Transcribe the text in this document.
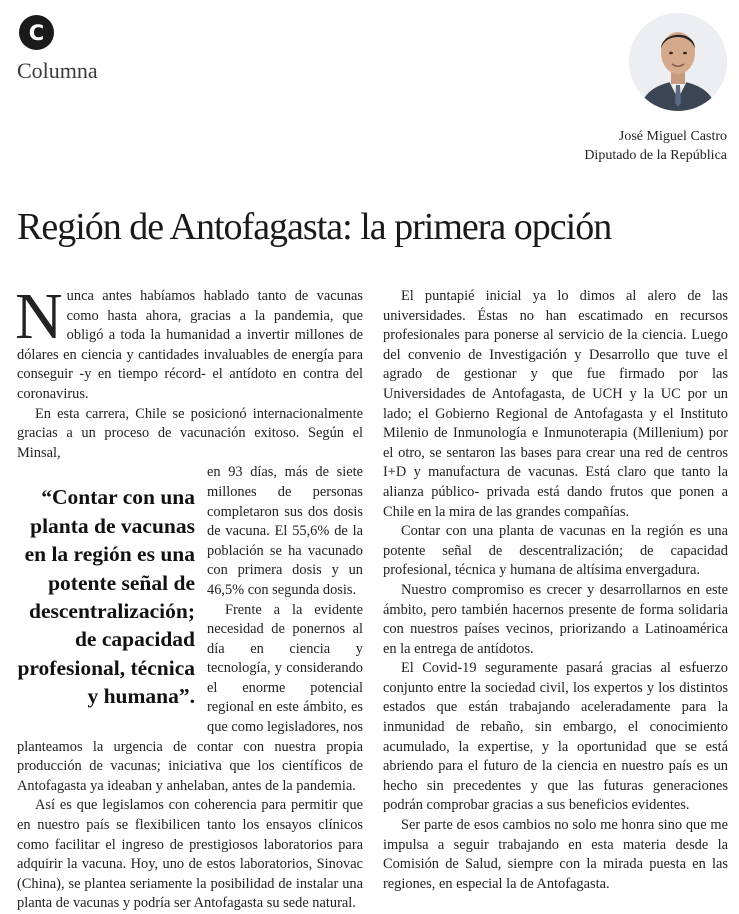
C
Columna
José Miguel Castro
Diputado de la República
Región de Antofagasta: la primera opción

Nunca antes habíamos hablado tanto de vacunas como hasta ahora, gracias a la pandemia, que obligó a toda la humanidad a invertir millones de dólares en ciencia y cantidades invaluables de energía para conseguir -y en tiempo récord- el antídoto en contra del coronavirus.

En esta carrera, Chile se posicionó internacionalmente gracias a un proceso de vacunación exitoso. Según el Minsal,

“Contar con una planta de vacunas en la región es una potente señal de descentralización; de capacidad profesional, técnica y humana”.

en 93 días, más de siete millones de personas completaron sus dos dosis de vacuna. El 55,6% de la población se ha vacunado con primera dosis y un 46,5% con segunda dosis.

Frente a la evidente necesidad de ponernos al día en ciencia y tecnología, y considerando el enorme potencial regional en este ámbito, es que como legisladores, nos planteamos la urgencia de contar con nuestra propia producción de vacunas; iniciativa que los científicos de Antofagasta ya ideaban y anhelaban, antes de la pandemia.

Así es que legislamos con coherencia para permitir que en nuestro país se flexibilicen tanto los ensayos clínicos como facilitar el ingreso de prestigiosos laboratorios para adquirir la vacuna. Hoy, uno de estos laboratorios, Sinovac (China), se plantea seriamente la posibilidad de instalar una planta de vacunas y podría ser Antofagasta su sede natural.

El puntapié inicial ya lo dimos al alero de las universidades. Éstas no han escatimado en recursos profesionales para ponerse al servicio de la ciencia. Luego del convenio de Investigación y Desarrollo que tuve el agrado de gestionar y que fue firmado por las Universidades de Antofagasta, de UCH y la UC por un lado; el Gobierno Regional de Antofagasta y el Instituto Milenio de Inmunología e Inmunoterapia (Millenium) por el otro, se sentaron las bases para crear una red de centros I+D y manufactura de vacunas. Está claro que tanto la alianza público- privada está dando frutos que ponen a Chile en la mira de las grandes compañías.

Contar con una planta de vacunas en la región es una potente señal de descentralización; de capacidad profesional, técnica y humana de altísima envergadura.

Nuestro compromiso es crecer y desarrollarnos en este ámbito, pero también hacernos presente de forma solidaria con nuestros países vecinos, priorizando a Latinoamérica en la entrega de antídotos.

El Covid-19 seguramente pasará gracias al esfuerzo conjunto entre la sociedad civil, los expertos y los distintos estados que están trabajando aceleradamente para la inmunidad de rebaño, sin embargo, el conocimiento acumulado, la expertise, y la oportunidad que se está abriendo para el futuro de la ciencia en nuestro país es un hecho sin precedentes y que las futuras generaciones podrán comprobar gracias a sus beneficios evidentes.

Ser parte de esos cambios no solo me honra sino que me impulsa a seguir trabajando en esta materia desde la Comisión de Salud, siempre con la mirada puesta en las regiones, en especial la de Antofagasta.
